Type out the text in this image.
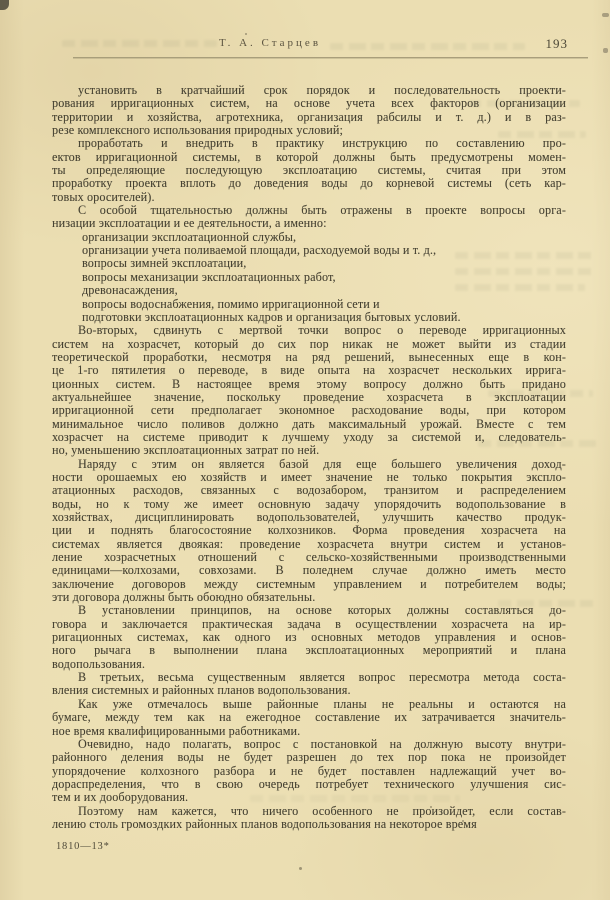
Т. А. Старцев	193
установить в кратчайший срок порядок и последовательность проекти-
рования ирригационных систем, на основе учета всех факторов (организации
территории и хозяйства, агротехника, организация рабсилы и т. д.) и в раз-
резе комплексного использования природных условий;
проработать и внедрить в практику инструкцию по составлению про-
ектов ирригационной системы, в которой должны быть предусмотрены момен-
ты определяющие последующую эксплоатацию системы, считая при этом
проработку проекта вплоть до доведения воды до корневой системы (сеть кар-
товых оросителей).
С особой тщательностью должны быть отражены в проекте вопросы орга-
низации эксплоатации и ее деятельности, а именно:
организации эксплоатационной службы,
организации учета поливаемой площади, расходуемой воды и т. д.,
вопросы зимней эксплоатации,
вопросы механизации эксплоатационных работ,
древонасаждения,
вопросы водоснабжения, помимо ирригационной сети и
подготовки эксплоатационных кадров и организация бытовых условий.
Во-вторых, сдвинуть с мертвой точки вопрос о переводе ирригационных
систем на хозрасчет, который до сих пор никак не может выйти из стадии
теоретической проработки, несмотря на ряд решений, вынесенных еще в кон-
це 1-го пятилетия о переводе, в виде опыта на хозрасчет нескольких иррига-
ционных систем. В настоящее время этому вопросу должно быть придано
актуальнейшее значение, поскольку проведение хозрасчета в эксплоатации
ирригационной сети предполагает экономное расходование воды, при котором
минимальное число поливов должно дать максимальный урожай. Вместе с тем
хозрасчет на системе приводит к лучшему уходу за системой и, следователь-
но, уменьшению эксплоатационных затрат по ней.
Наряду с этим он является базой для еще большего увеличения доход-
ности орошаемых ею хозяйств и имеет значение не только покрытия экспло-
атационных расходов, связанных с водозабором, транзитом и распределением
воды, но к тому же имеет основную задачу упорядочить водопользование в
хозяйствах, дисциплинировать водопользователей, улучшить качество продук-
ции и поднять благосостояние колхозников. Форма проведения хозрасчета на
системах является двоякая: проведение хозрасчета внутри систем и установ-
ление хозрасчетных отношений с сельско-хозяйственными производственными
единицами—колхозами, совхозами. В поледнем случае должно иметь место
заключение договоров между системным управлением и потребителем воды;
эти договора должны быть обоюдно обязательны.
В установлении принципов, на основе которых должны составляться до-
говора и заключается практическая задача в осуществлении хозрасчета на ир-
ригационных системах, как одного из основных методов управления и основ-
ного рычага в выполнении плана эксплоатационных мероприятий и плана
водопользования.
В третьих, весьма существенным является вопрос пересмотра метода соста-
вления системных и районных планов водопользования.
Как уже отмечалось выше районные планы не реальны и остаются на
бумаге, между тем как на ежегодное составление их затрачивается значитель-
ное время квалифицированными работниками.
Очевидно, надо полагать, вопрос с постановкой на должную высоту внутри-
районного деления воды не будет разрешен до тех пор пока не произойдет
упорядочение колхозного разбора и не будет поставлен надлежащий учет во-
дораспределения, что в свою очередь потребует технического улучшения сис-
тем и их дооборудования.
Поэтому нам кажется, что ничего особенного не произойдет, если состав-
лению столь громоздких районных планов водопользования на некоторое время
1810—13*
